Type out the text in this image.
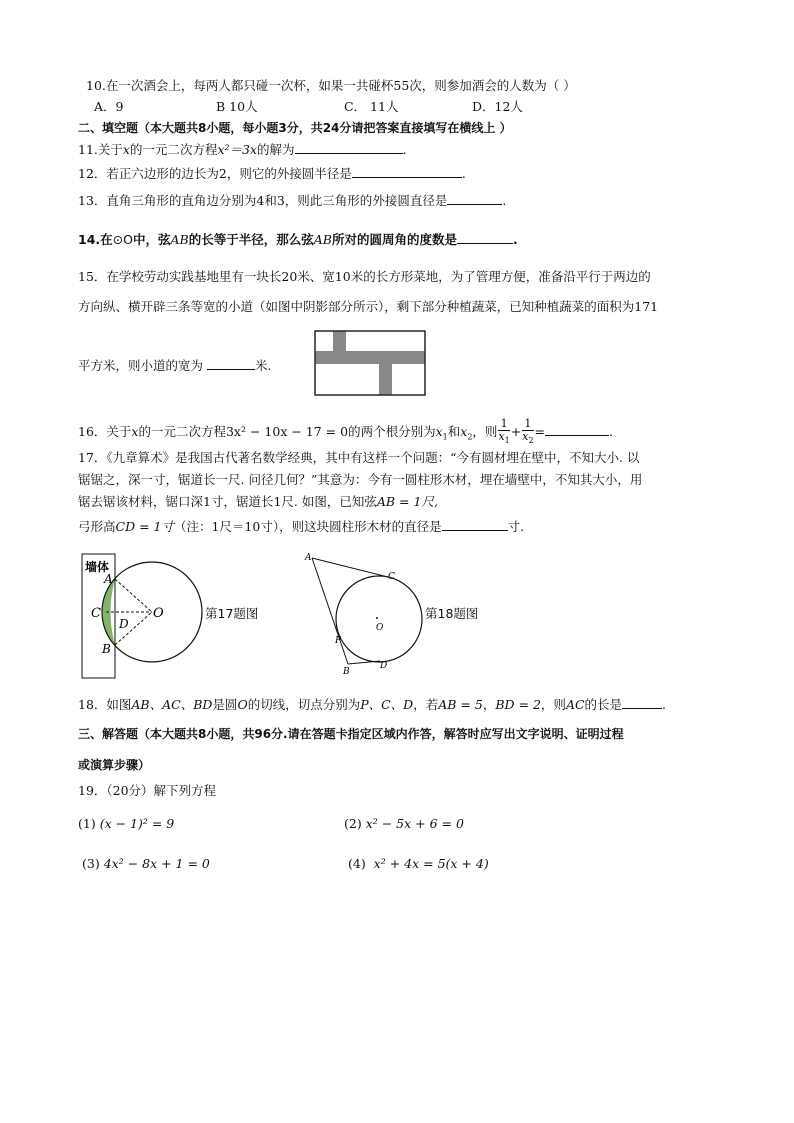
10.在一次酒会上，每两人都只碰一次杯，如果一共碰杯55次，则参加酒会的人数为（ ）
A．9	B 10人	C． 11人	D．12人
二、填空题（本大题共8小题，每小题3分，共24分请把答案直接填写在横线上 ）
11.关于x的一元二次方程x²＝3x的解为	.
12．若正六边形的边长为2，则它的外接圆半径是	.
13．直角三角形的直角边分别为4和3，则此三角形的外接圆直径是	.
14.在⊙O中，弦AB的长等于半径，那么弦AB所对的圆周角的度数是	.
15．在学校劳动实践基地里有一块长20米、宽10米的长方形菜地，为了管理方便，准备沿平行于两边的
方向纵、横开辟三条等宽的小道（如图中阴影部分所示），剩下部分种植蔬菜，已知种植蔬菜的面积为171
平方米，则小道的宽为	米.
16．关于x的一元二次方程3x² − 10x − 17 = 0的两个根分别为$x_1$和$x_2$，则 $\frac{1}{x_1} + \frac{1}{x_2}$ =	.
17．《九章算术》是我国古代著名数学经典，其中有这样一个问题：“今有圆材埋在壁中，不知大小. 以
锯锯之，深一寸，锯道长一尺. 问径几何？”其意为：今有一圆柱形木材，埋在墙壁中，不知其大小，用
锯去锯该材料，锯口深1寸，锯道长1尺. 如图，已知弦AB = 1尺,
弓形高CD = 1寸（注：1尺＝10寸），则这块圆柱形木材的直径是	寸.
墙体
A
C
D
B
O	第17题图
A
C
P
B
D
O
第18题图
18．如图AB、AC、BD是圆O的切线，切点分别为P、C、D，若AB = 5，BD = 2，则AC的长是	.
三、解答题（本大题共8小题，共96分.请在答题卡指定区域内作答，解答时应写出文字说明、证明过程
或演算步骤）
19．（20分）解下列方程
(1) (x − 1)² = 9	(2) x² − 5x + 6 = 0
(3) 4x² − 8x + 1 = 0	(4) x² + 4x = 5(x + 4)
